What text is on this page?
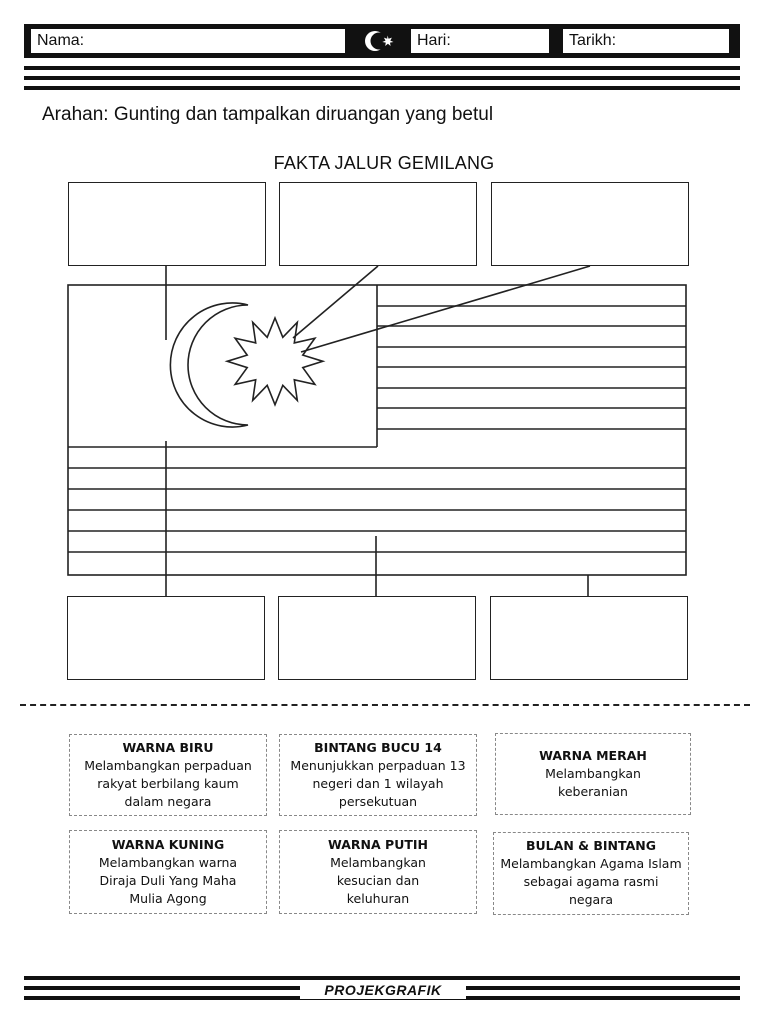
Nama:	Hari:	Tarikh:
Arahan: Gunting dan tampalkan diruangan yang betul
FAKTA JALUR GEMILANG
WARNA BIRU
Melambangkan perpaduan rakyat berbilang kaum dalam negara
BINTANG BUCU 14
Menunjukkan perpaduan 13 negeri dan 1 wilayah persekutuan
WARNA MERAH
Melambangkan keberanian
WARNA KUNING
Melambangkan warna Diraja Duli Yang Maha Mulia Agong
WARNA PUTIH
Melambangkan kesucian dan keluhuran
BULAN & BINTANG
Melambangkan Agama Islam sebagai agama rasmi negara
PROJEKGRAFIK
